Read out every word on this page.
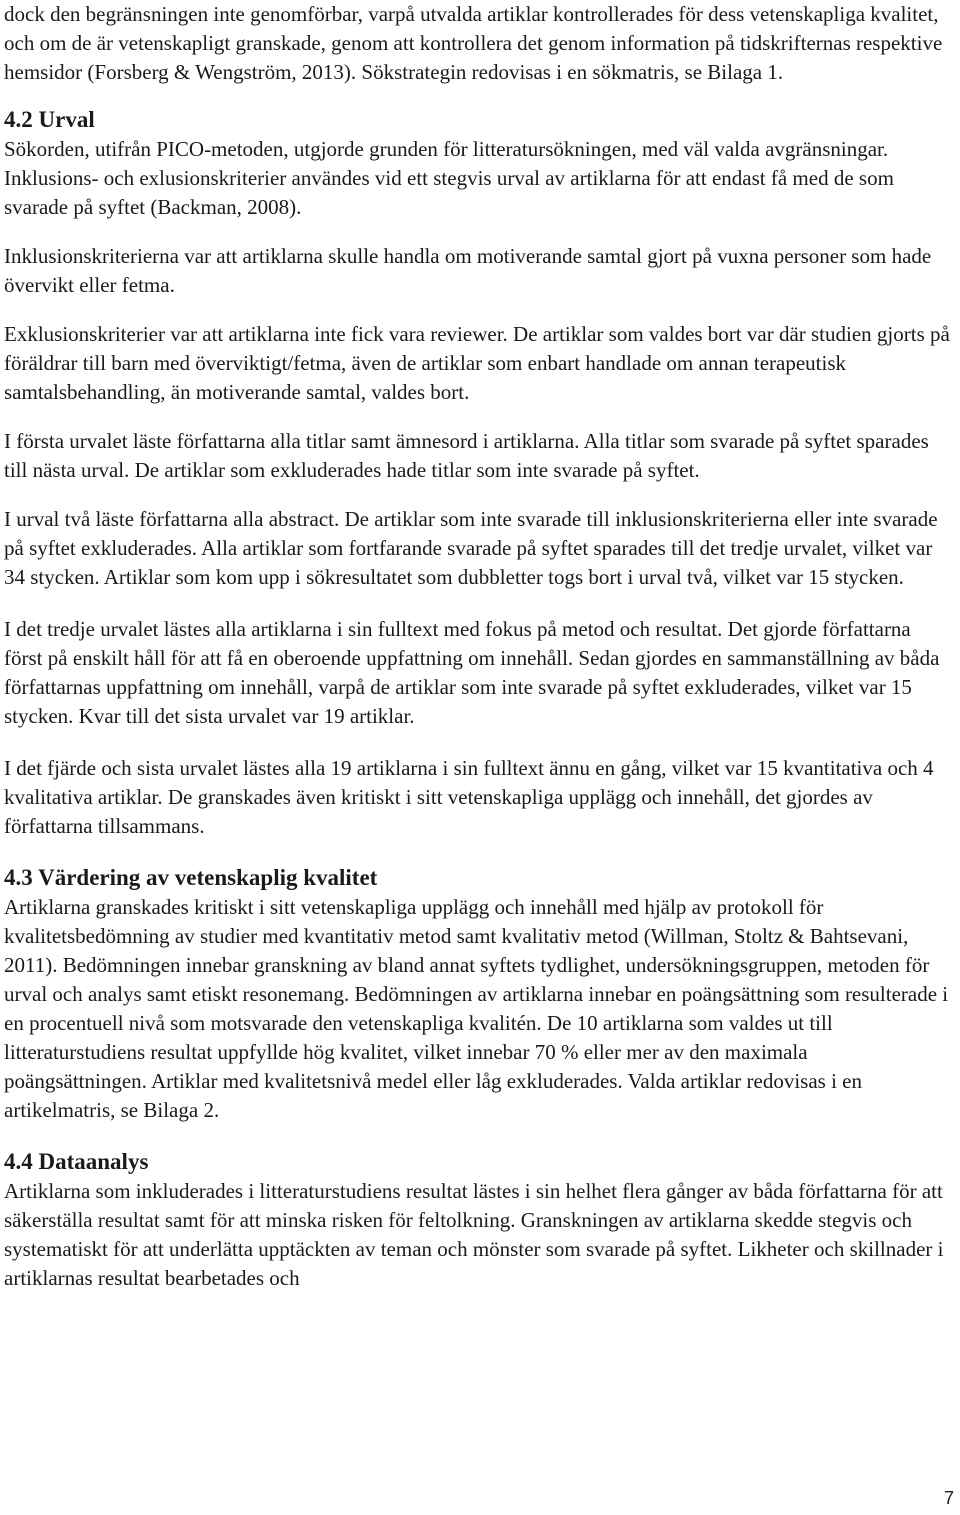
dock den begränsningen inte genomförbar, varpå utvalda artiklar kontrollerades för dess vetenskapliga kvalitet, och om de är vetenskapligt granskade, genom att kontrollera det genom information på tidskrifternas respektive hemsidor (Forsberg & Wengström, 2013). Sökstrategin redovisas i en sökmatris, se Bilaga 1.

4.2 Urval

Sökorden, utifrån PICO-metoden, utgjorde grunden för litteratursökningen, med väl valda avgränsningar. Inklusions- och exlusionskriterier användes vid ett stegvis urval av artiklarna för att endast få med de som svarade på syftet (Backman, 2008).

Inklusionskriterierna var att artiklarna skulle handla om motiverande samtal gjort på vuxna personer som hade övervikt eller fetma.

Exklusionskriterier var att artiklarna inte fick vara reviewer. De artiklar som valdes bort var där studien gjorts på föräldrar till barn med överviktigt/fetma, även de artiklar som enbart handlade om annan terapeutisk samtalsbehandling, än motiverande samtal, valdes bort.

I första urvalet läste författarna alla titlar samt ämnesord i artiklarna. Alla titlar som svarade på syftet sparades till nästa urval. De artiklar som exkluderades hade titlar som inte svarade på syftet.

I urval två läste författarna alla abstract. De artiklar som inte svarade till inklusionskriterierna eller inte svarade på syftet exkluderades. Alla artiklar som fortfarande svarade på syftet sparades till det tredje urvalet, vilket var 34 stycken. Artiklar som kom upp i sökresultatet som dubbletter togs bort i urval två, vilket var 15 stycken.

I det tredje urvalet lästes alla artiklarna i sin fulltext med fokus på metod och resultat. Det gjorde författarna först på enskilt håll för att få en oberoende uppfattning om innehåll. Sedan gjordes en sammanställning av båda författarnas uppfattning om innehåll, varpå de artiklar som inte svarade på syftet exkluderades, vilket var 15 stycken. Kvar till det sista urvalet var 19 artiklar.

I det fjärde och sista urvalet lästes alla 19 artiklarna i sin fulltext ännu en gång, vilket var 15 kvantitativa och 4 kvalitativa artiklar. De granskades även kritiskt i sitt vetenskapliga upplägg och innehåll, det gjordes av författarna tillsammans.

4.3 Värdering av vetenskaplig kvalitet

Artiklarna granskades kritiskt i sitt vetenskapliga upplägg och innehåll med hjälp av protokoll för kvalitetsbedömning av studier med kvantitativ metod samt kvalitativ metod (Willman, Stoltz & Bahtsevani, 2011). Bedömningen innebar granskning av bland annat syftets tydlighet, undersökningsgruppen, metoden för urval och analys samt etiskt resonemang. Bedömningen av artiklarna innebar en poängsättning som resulterade i en procentuell nivå som motsvarade den vetenskapliga kvalitén. De 10 artiklarna som valdes ut till litteraturstudiens resultat uppfyllde hög kvalitet, vilket innebar 70 % eller mer av den maximala poängsättningen. Artiklar med kvalitetsnivå medel eller låg exkluderades. Valda artiklar redovisas i en artikelmatris, se Bilaga 2.

4.4 Dataanalys

Artiklarna som inkluderades i litteraturstudiens resultat lästes i sin helhet flera gånger av båda författarna för att säkerställa resultat samt för att minska risken för feltolkning. Granskningen av artiklarna skedde stegvis och systematiskt för att underlätta upptäckten av teman och mönster som svarade på syftet. Likheter och skillnader i artiklarnas resultat bearbetades och

7
